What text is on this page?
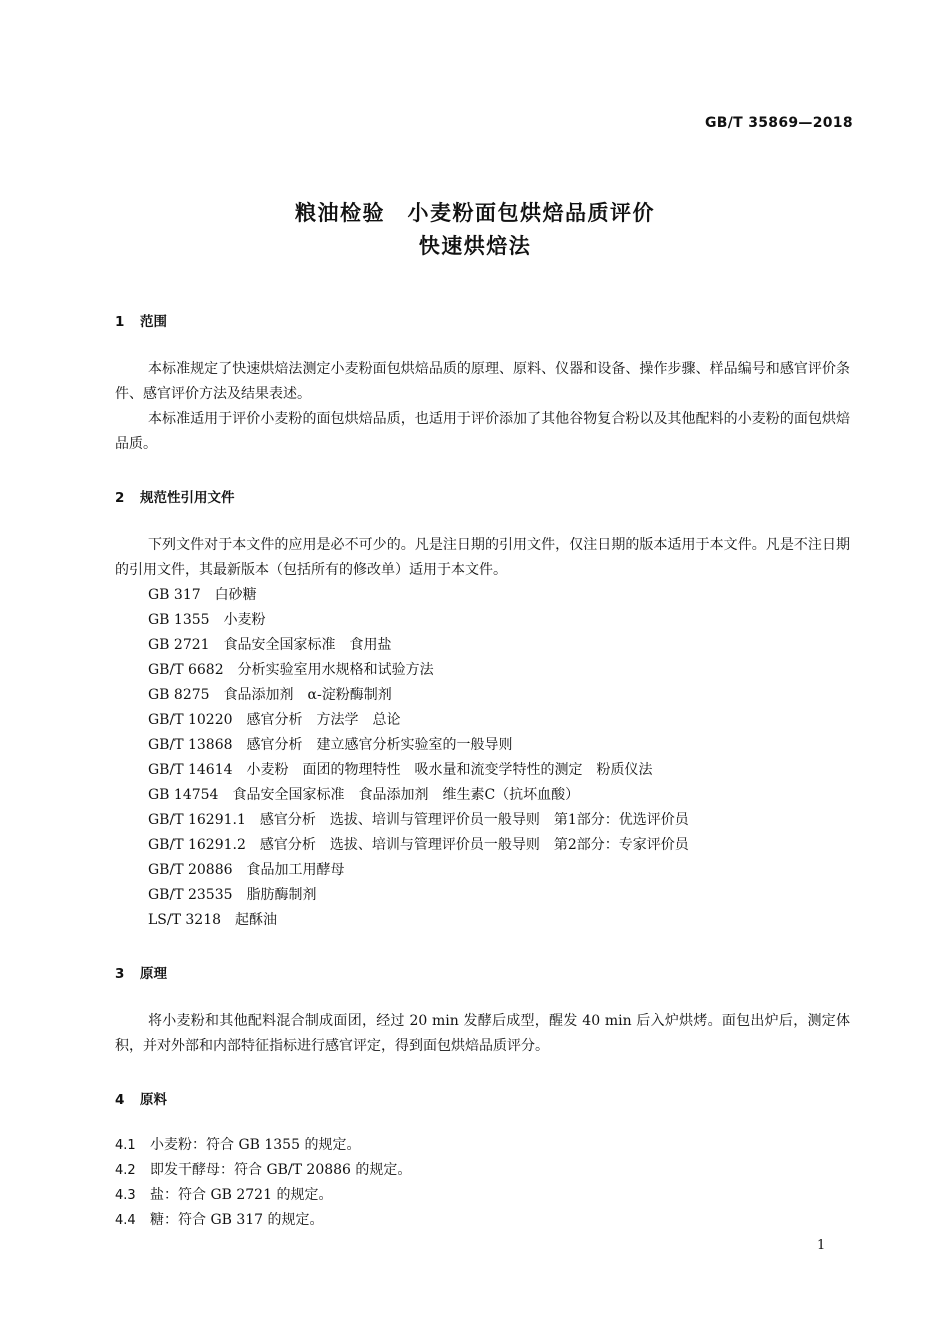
GB/T 35869—2018
粮油检验　小麦粉面包烘焙品质评价
快速烘焙法
1 范围

本标准规定了快速烘焙法测定小麦粉面包烘焙品质的原理、原料、仪器和设备、操作步骤、样品编号和感官评价条件、感官评价方法及结果表述。

本标准适用于评价小麦粉的面包烘焙品质，也适用于评价添加了其他谷物复合粉以及其他配料的小麦粉的面包烘焙品质。

2 规范性引用文件

下列文件对于本文件的应用是必不可少的。凡是注日期的引用文件，仅注日期的版本适用于本文件。凡是不注日期的引用文件，其最新版本（包括所有的修改单）适用于本文件。

GB 317 白砂糖
GB 1355 小麦粉
GB 2721 食品安全国家标准　食用盐
GB/T 6682 分析实验室用水规格和试验方法
GB 8275 食品添加剂　α-淀粉酶制剂
GB/T 10220 感官分析　方法学　总论
GB/T 13868 感官分析　建立感官分析实验室的一般导则
GB/T 14614 小麦粉　面团的物理特性　吸水量和流变学特性的测定　粉质仪法
GB 14754 食品安全国家标准　食品添加剂　维生素C（抗坏血酸）
GB/T 16291.1 感官分析　选拔、培训与管理评价员一般导则　第1部分：优选评价员
GB/T 16291.2 感官分析　选拔、培训与管理评价员一般导则　第2部分：专家评价员
GB/T 20886 食品加工用酵母
GB/T 23535 脂肪酶制剂
LS/T 3218 起酥油
3 原理

将小麦粉和其他配料混合制成面团，经过 20 min 发酵后成型，醒发 40 min 后入炉烘烤。面包出炉后，测定体积，并对外部和内部特征指标进行感官评定，得到面包烘焙品质评分。

4 原料
4.1 小麦粉：符合 GB 1355 的规定。
4.2 即发干酵母：符合 GB/T 20886 的规定。
4.3 盐：符合 GB 2721 的规定。
4.4 糖：符合 GB 317 的规定。
1
